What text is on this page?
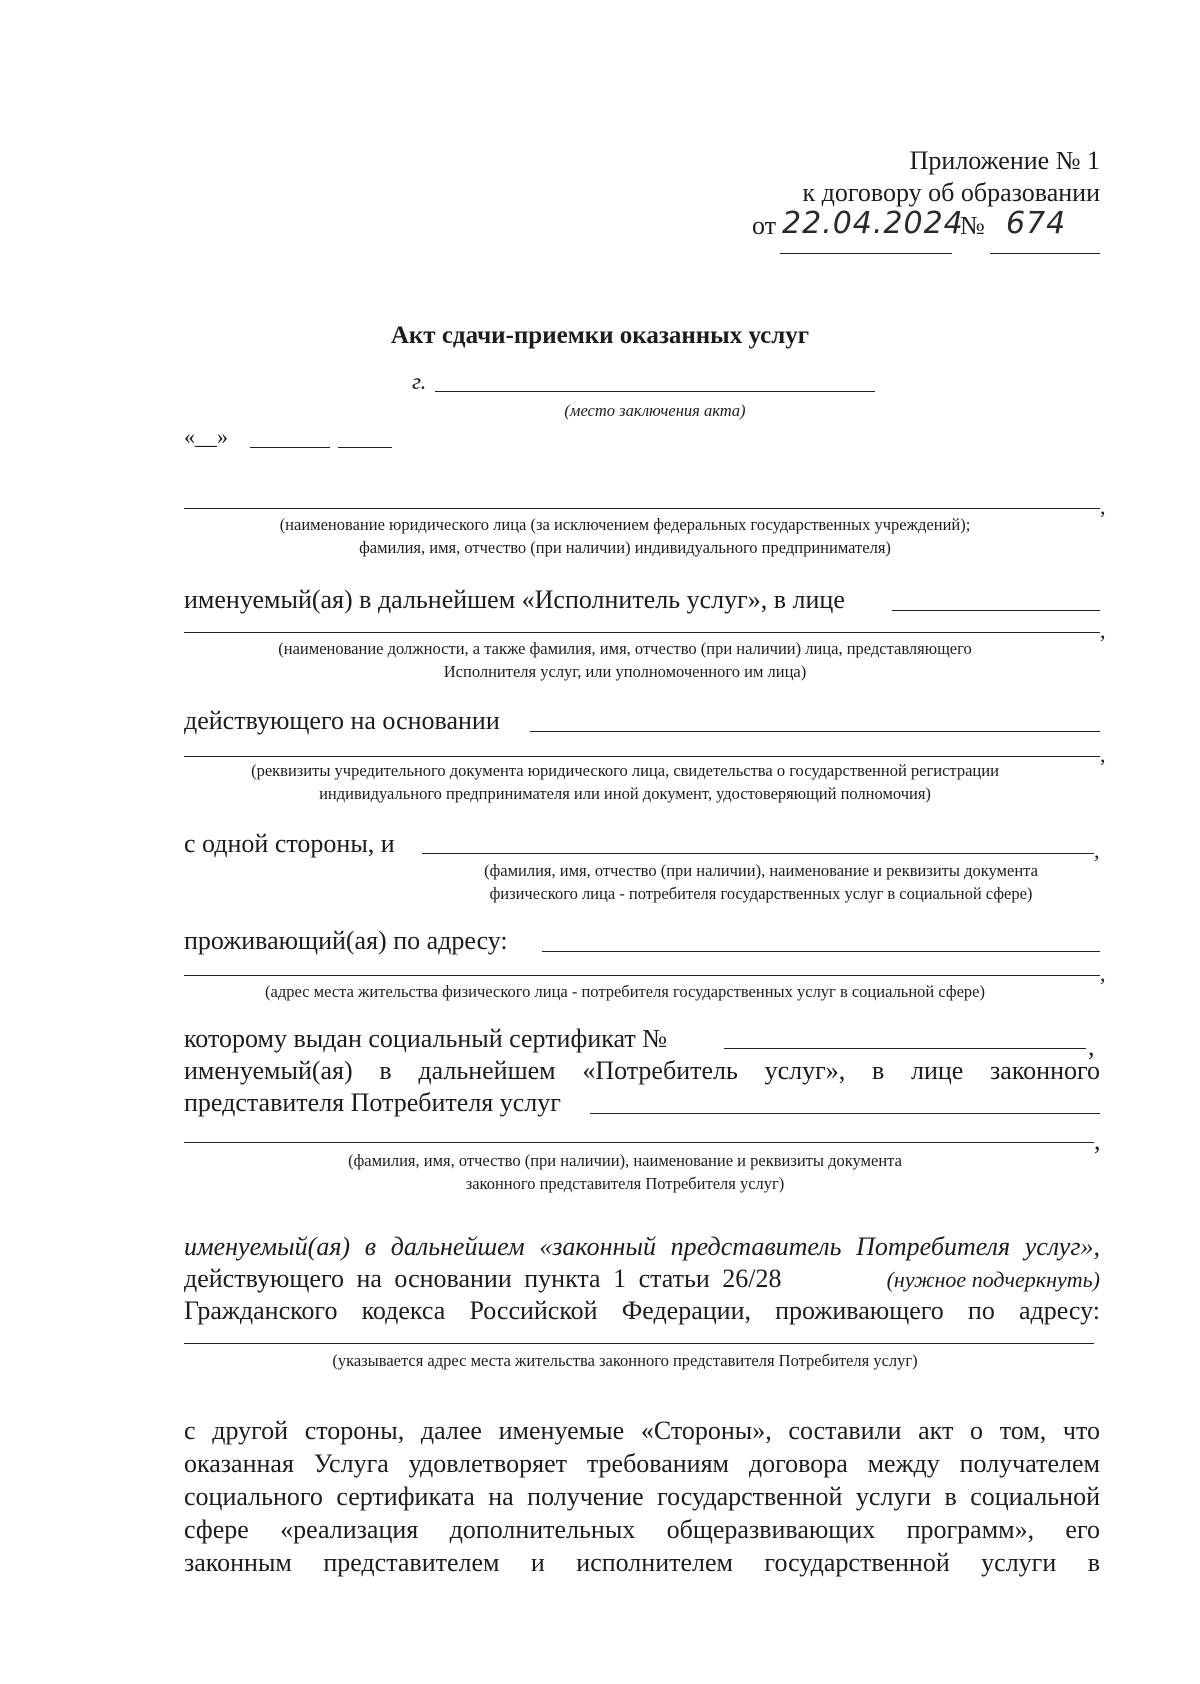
Приложение № 1
к договору об образовании
от 22.04.2024
№ 674
Акт сдачи-приемки оказанных услуг
г.
(место заключения акта)
«__»
,
(наименование юридического лица (за исключением федеральных государственных учреждений);
фамилия, имя, отчество (при наличии) индивидуального предпринимателя)
именуемый(ая) в дальнейшем «Исполнитель услуг», в лице
,
(наименование должности, а также фамилия, имя, отчество (при наличии) лица, представляющего
Исполнителя услуг, или уполномоченного им лица)
действующего на основании
,
(реквизиты учредительного документа юридического лица, свидетельства о государственной регистрации
индивидуального предпринимателя или иной документ, удостоверяющий полномочия)
с одной стороны, и	,
(фамилия, имя, отчество (при наличии), наименование и реквизиты документа
физического лица - потребителя государственных услуг в социальной сфере)
проживающий(ая) по адресу:
,
(адрес места жительства физического лица - потребителя государственных услуг в социальной сфере)
которому выдан социальный сертификат №	,
именуемый(ая) в дальнейшем «Потребитель услуг», в лице законного
представителя Потребителя услуг
,
(фамилия, имя, отчество (при наличии), наименование и реквизиты документа
законного представителя Потребителя услуг)
именуемый(ая) в дальнейшем «законный представитель Потребителя услуг»,
действующего на основании пункта 1 статьи 26/28	(нужное подчеркнуть)
Гражданского кодекса Российской Федерации, проживающего по адресу:
(указывается адрес места жительства законного представителя Потребителя услуг)
с другой стороны, далее именуемые «Стороны», составили акт о том, что
оказанная Услуга удовлетворяет требованиям договора между получателем
социального сертификата на получение государственной услуги в социальной
сфере «реализация дополнительных общеразвивающих программ», его
законным представителем и исполнителем государственной услуги в
